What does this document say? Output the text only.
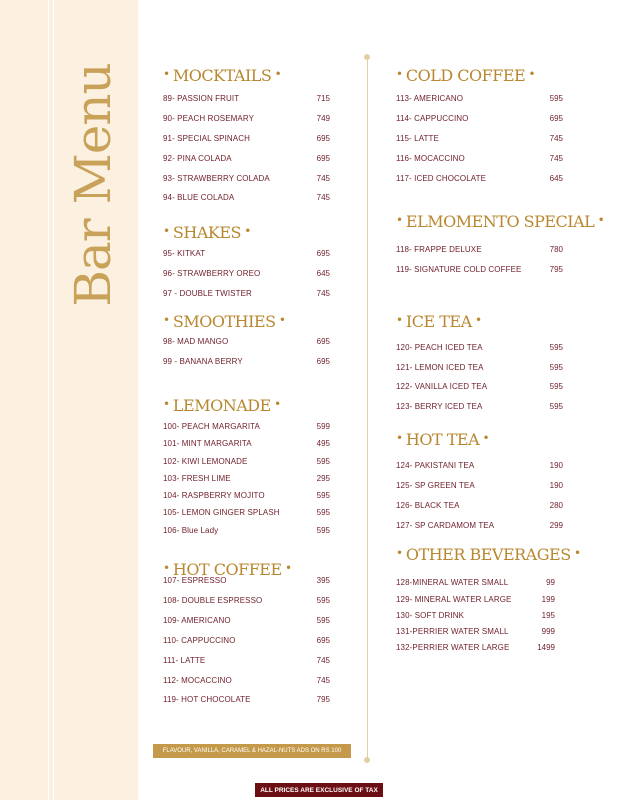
Bar Menu	• MOCKTAILS •
89- PASSION FRUIT	715
90- PEACH ROSEMARY	749
91- SPECIAL SPINACH	695
92- PINA COLADA	695
93- STRAWBERRY COLADA	745
94- BLUE COLADA	745
• SHAKES •
95- KITKAT	695
96- STRAWBERRY OREO	645
97 - DOUBLE TWISTER	745
• SMOOTHIES •
98- MAD MANGO	695
99 - BANANA BERRY	695
• LEMONADE •
100- PEACH MARGARITA	599
101- MINT MARGARITA	495
102- KIWI LEMONADE	595
103- FRESH LIME	295
104- RASPBERRY MOJITO	595
105- LEMON GINGER SPLASH	595
106- Blue Lady	595
• HOT COFFEE •
107- ESPRESSO	395
108- DOUBLE ESPRESSO	595
109- AMERICANO	595
110- CAPPUCCINO	695
111- LATTE	745
112- MOCACCINO	745
119- HOT CHOCOLATE	795
• COLD COFFEE •
113- AMERICANO	595
114- CAPPUCCINO	695
115- LATTE	745
116- MOCACCINO	745
117- ICED CHOCOLATE	645
• ELMOMENTO SPECIAL •
118- FRAPPE DELUXE	780
119- SIGNATURE COLD COFFEE	795
• ICE TEA •
120- PEACH ICED TEA	595
121- LEMON ICED TEA	595
122- VANILLA ICED TEA	595
123- BERRY ICED TEA	595
• HOT TEA •
124- PAKISTANI TEA	190
125- SP GREEN TEA	190
126- BLACK TEA	280
127- SP CARDAMOM TEA	299
• OTHER BEVERAGES •
128-MINERAL WATER SMALL	99
129- MINERAL WATER LARGE	199
130- SOFT DRINK	195
131-PERRIER WATER SMALL	999
132-PERRIER WATER LARGE	1499
FLAVOUR, VANILLA, CARAMEL & HAZAL-NUTS ADS ON RS 100
ALL PRICES ARE EXCLUSIVE OF TAX
